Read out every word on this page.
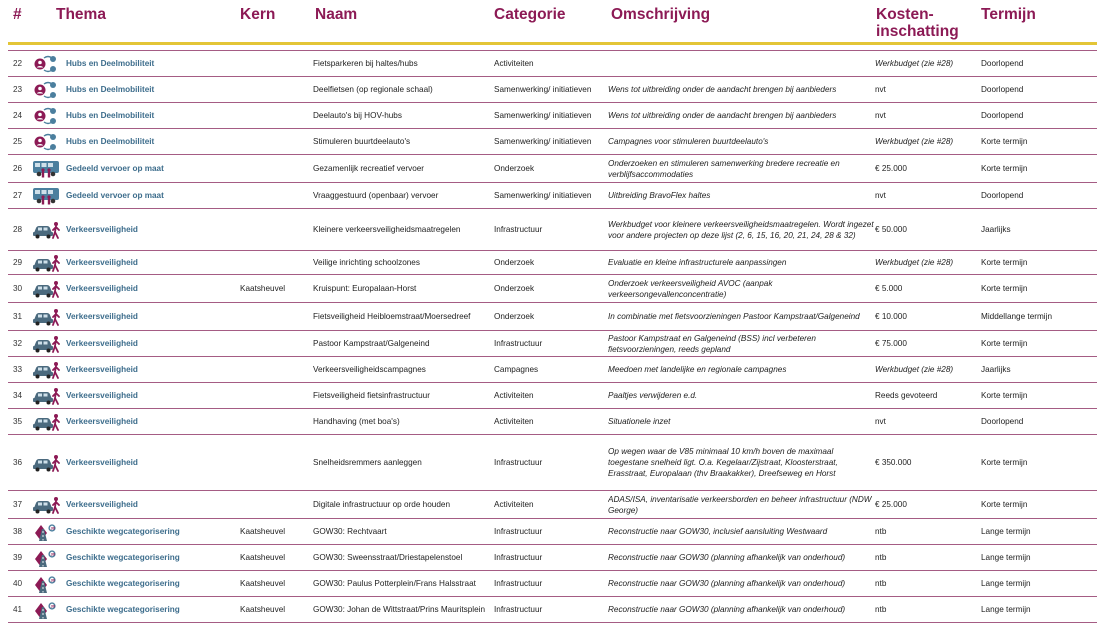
#	Thema	Kern	Naam	Categorie	Omschrijving	Kosten-
inschatting	Termijn

22	Hubs en Deelmobiliteit		Fietsparkeren bij haltes/hubs	Activiteiten		Werkbudget (zie #28)	Doorlopend
23	Hubs en Deelmobiliteit		Deelfietsen (op regionale schaal)	Samenwerking/ initiatieven	Wens tot uitbreiding onder de aandacht brengen bij aanbieders	nvt	Doorlopend
24	Hubs en Deelmobiliteit		Deelauto's bij HOV-hubs	Samenwerking/ initiatieven	Wens tot uitbreiding onder de aandacht brengen bij aanbieders	nvt	Doorlopend
25	Hubs en Deelmobiliteit		Stimuleren buurtdeelauto's	Samenwerking/ initiatieven	Campagnes voor stimuleren buurtdeelauto's	Werkbudget (zie #28)	Korte termijn
26	Gedeeld vervoer op maat		Gezamenlijk recreatief vervoer	Onderzoek	Onderzoeken en stimuleren samenwerking bredere recreatie en verblijfsaccommodaties	€ 25.000	Korte termijn
27	Gedeeld vervoer op maat		Vraaggestuurd (openbaar) vervoer	Samenwerking/ initiatieven	Uitbreiding BravoFlex haltes	nvt	Doorlopend
28	Verkeersveiligheid		Kleinere verkeersveiligheidsmaatregelen	Infrastructuur	Werkbudget voor kleinere verkeersveiligheidsmaatregelen. Wordt ingezet voor andere projecten op deze lijst (2, 6, 15, 16, 20, 21, 24, 28 & 32)	€ 50.000	Jaarlijks
29	Verkeersveiligheid		Veilige inrichting schoolzones	Onderzoek	Evaluatie en kleine infrastructurele aanpassingen	Werkbudget (zie #28)	Korte termijn
30	Verkeersveiligheid	Kaatsheuvel	Kruispunt: Europalaan-Horst	Onderzoek	Onderzoek verkeersveiligheid AVOC (aanpak verkeersongevallenconcentratie)	€ 5.000	Korte termijn
31	Verkeersveiligheid		Fietsveiligheid Heibloemstraat/Moersedreef	Onderzoek	In combinatie met fietsvoorzieningen Pastoor Kampstraat/Galgeneind	€ 10.000	Middellange termijn
32	Verkeersveiligheid		Pastoor Kampstraat/Galgeneind	Infrastructuur	Pastoor Kampstraat en Galgeneind (BSS) incl verbeteren fietsvoorzieningen, reeds gepland	€ 75.000	Korte termijn
33	Verkeersveiligheid		Verkeersveiligheidscampagnes	Campagnes	Meedoen met landelijke en regionale campagnes	Werkbudget (zie #28)	Jaarlijks
34	Verkeersveiligheid		Fietsveiligheid fietsinfrastructuur	Activiteiten	Paaltjes verwijderen e.d.	Reeds gevoteerd	Korte termijn
35	Verkeersveiligheid		Handhaving (met boa's)	Activiteiten	Situationele inzet	nvt	Doorlopend
36	Verkeersveiligheid		Snelheidsremmers aanleggen	Infrastructuur	Op wegen waar de V85 minimaal 10 km/h boven de maximaal toegestane snelheid ligt. O.a. Kegelaar/Zijstraat, Kloosterstraat, Erasstraat, Europalaan (thv Braakakker), Dreefseweg en Horst	€ 350.000	Korte termijn
37	Verkeersveiligheid		Digitale infrastructuur op orde houden	Activiteiten	ADAS/ISA, inventarisatie verkeersborden en beheer infrastructuur (NDW George)	€ 25.000	Korte termijn
38	30 Geschikte wegcategorisering	Kaatsheuvel	GOW30: Rechtvaart	Infrastructuur	Reconstructie naar GOW30, inclusief aansluiting Westwaard	ntb	Lange termijn
39	30 Geschikte wegcategorisering	Kaatsheuvel	GOW30: Sweensstraat/Driestapelenstoel	Infrastructuur	Reconstructie naar GOW30 (planning afhankelijk van onderhoud)	ntb	Lange termijn
40	30 Geschikte wegcategorisering	Kaatsheuvel	GOW30: Paulus Potterplein/Frans Halsstraat	Infrastructuur	Reconstructie naar GOW30 (planning afhankelijk van onderhoud)	ntb	Lange termijn
41	30 Geschikte wegcategorisering	Kaatsheuvel	GOW30: Johan de Wittstraat/Prins Mauritsplein	Infrastructuur	Reconstructie naar GOW30 (planning afhankelijk van onderhoud)	ntb	Lange termijn
